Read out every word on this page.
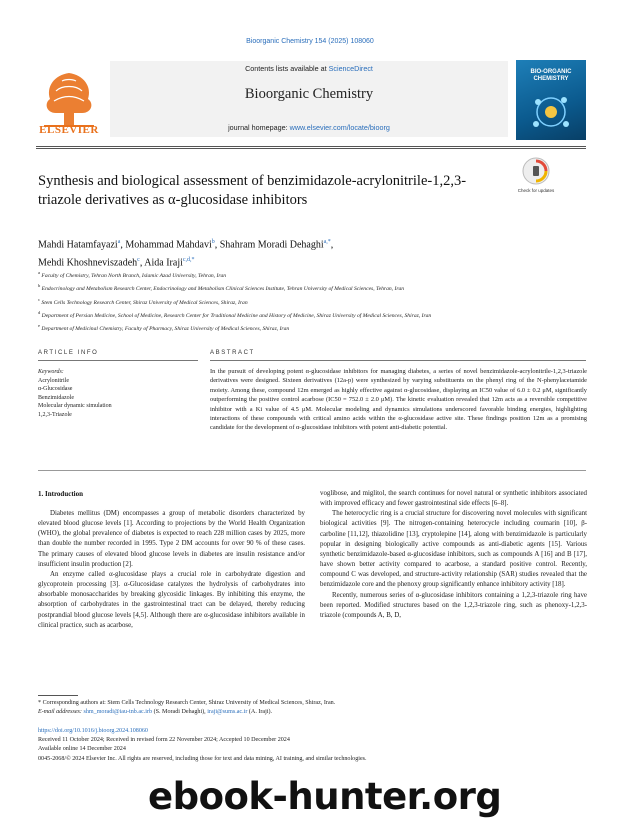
Bioorganic Chemistry 154 (2025) 108060
ELSEVIER
Contents lists available at ScienceDirect
Bioorganic Chemistry
journal homepage: www.elsevier.com/locate/bioorg
BIO-ORGANIC CHEMISTRY
Synthesis and biological assessment of benzimidazole-acrylonitrile-1,2,3-triazole derivatives as α-glucosidase inhibitors
Check for updates
Mahdi Hatamfayazi$^a$, Mohammad Mahdavi$^b$, Shahram Moradi Dehaghi$^{a,*}$,
Mehdi Khoshneviszadeh$^c$, Aida Iraji$^{c,d,*}$
$^a$ Faculty of Chemistry, Tehran North Branch, Islamic Azad University, Tehran, Iran
$^b$ Endocrinology and Metabolism Research Center, Endocrinology and Metabolism Clinical Sciences Institute, Tehran University of Medical Sciences, Tehran, Iran
$^c$ Stem Cells Technology Research Center, Shiraz University of Medical Sciences, Shiraz, Iran
$^d$ Department of Persian Medicine, School of Medicine, Research Center for Traditional Medicine and History of Medicine, Shiraz University of Medical Sciences, Shiraz, Iran
$^e$ Department of Medicinal Chemistry, Faculty of Pharmacy, Shiraz University of Medical Sciences, Shiraz, Iran
ARTICLE INFO	ABSTRACT
Keywords:
Acrylonitrile
α-Glucosidase
Benzimidazole
Molecular dynamic simulation
1,2,3-Triazole
In the pursuit of developing potent α-glucosidase inhibitors for managing diabetes, a series of novel benzimidazole-acrylonitrile-1,2,3-triazole derivatives were designed. Sixteen derivatives (12a-p) were synthesized by varying substituents on the phenyl ring of the N-phenylacetamide moiety. Among these, compound 12m emerged as highly effective against α-glucosidase, displaying an IC50 value of 6.0 ± 0.2 μM, significantly outperforming the positive control acarbose (IC50 = 752.0 ± 2.0 μM). The kinetic evaluation revealed that 12m acts as a reversible competitive inhibitor with a Ki value of 4.5 μM. Molecular modeling and dynamics simulations underscored favorable binding energies, highlighting interactions of these compounds with critical amino acids within the α-glucosidase active site. These findings position 12m as a promising candidate for the development of α-glucosidase inhibitors with potent anti-diabetic potential.
1. Introduction

Diabetes mellitus (DM) encompasses a group of metabolic disorders characterized by elevated blood glucose levels [1]. According to projections by the World Health Organization (WHO), the global prevalence of diabetes is expected to reach 228 million cases by 2025, more than double the number recorded in 1995. Type 2 DM accounts for over 90 % of these cases. The primary causes of elevated blood glucose levels in diabetes are insulin resistance and/or insufficient insulin production [2].

An enzyme called α-glucosidase plays a crucial role in carbohydrate digestion and glycoprotein processing [3]. α-Glucosidase catalyzes the hydrolysis of carbohydrates into absorbable monosaccharides by breaking glycosidic linkages. By inhibiting this enzyme, the absorption of carbohydrates in the gastrointestinal tract can be delayed, thereby reducing postprandial blood glucose levels [4,5]. Although there are α-glucosidase inhibitors available in clinical practice, such as acarbose,

voglibose, and miglitol, the search continues for novel natural or synthetic inhibitors associated with improved efficacy and fewer gastrointestinal side effects [6–8].

The heterocyclic ring is a crucial structure for discovering novel molecules with significant biological activities [9]. The nitrogen-containing heterocycle including coumarin [10], β-carboline [11,12], thiazolidine [13], cryptolepine [14], along with benzimidazole is particularly popular in designing biologically active compounds as anti-diabetic agents [15]. Various synthetic benzimidazole-based α-glucosidase inhibitors, such as compounds A [16] and B [17], have shown better activity compared to acarbose, a standard positive control. Recently, compound C was developed, and structure-activity relationship (SAR) studies revealed that the benzimidazole core and the phenoxy group significantly enhance inhibitory activity [18].

Recently, numerous series of α-glucosidase inhibitors containing a 1,2,3-triazole ring have been reported. Modified structures based on the 1,2,3-triazole ring, such as phenoxy-1,2,3-triazole (compounds A, B, D,

* Corresponding authors at: Stem Cells Technology Research Center, Shiraz University of Medical Sciences, Shiraz, Iran.
E-mail addresses: shm_moradi@iau-tnb.ac.irb (S. Moradi Dehaghi), iraji@sums.ac.ir (A. Iraji).
https://doi.org/10.1016/j.bioorg.2024.108060
Received 11 October 2024; Received in revised form 22 November 2024; Accepted 10 December 2024
Available online 14 December 2024
0045-2068/© 2024 Elsevier Inc. All rights are reserved, including those for text and data mining, AI training, and similar technologies.
ebook-hunter.org
